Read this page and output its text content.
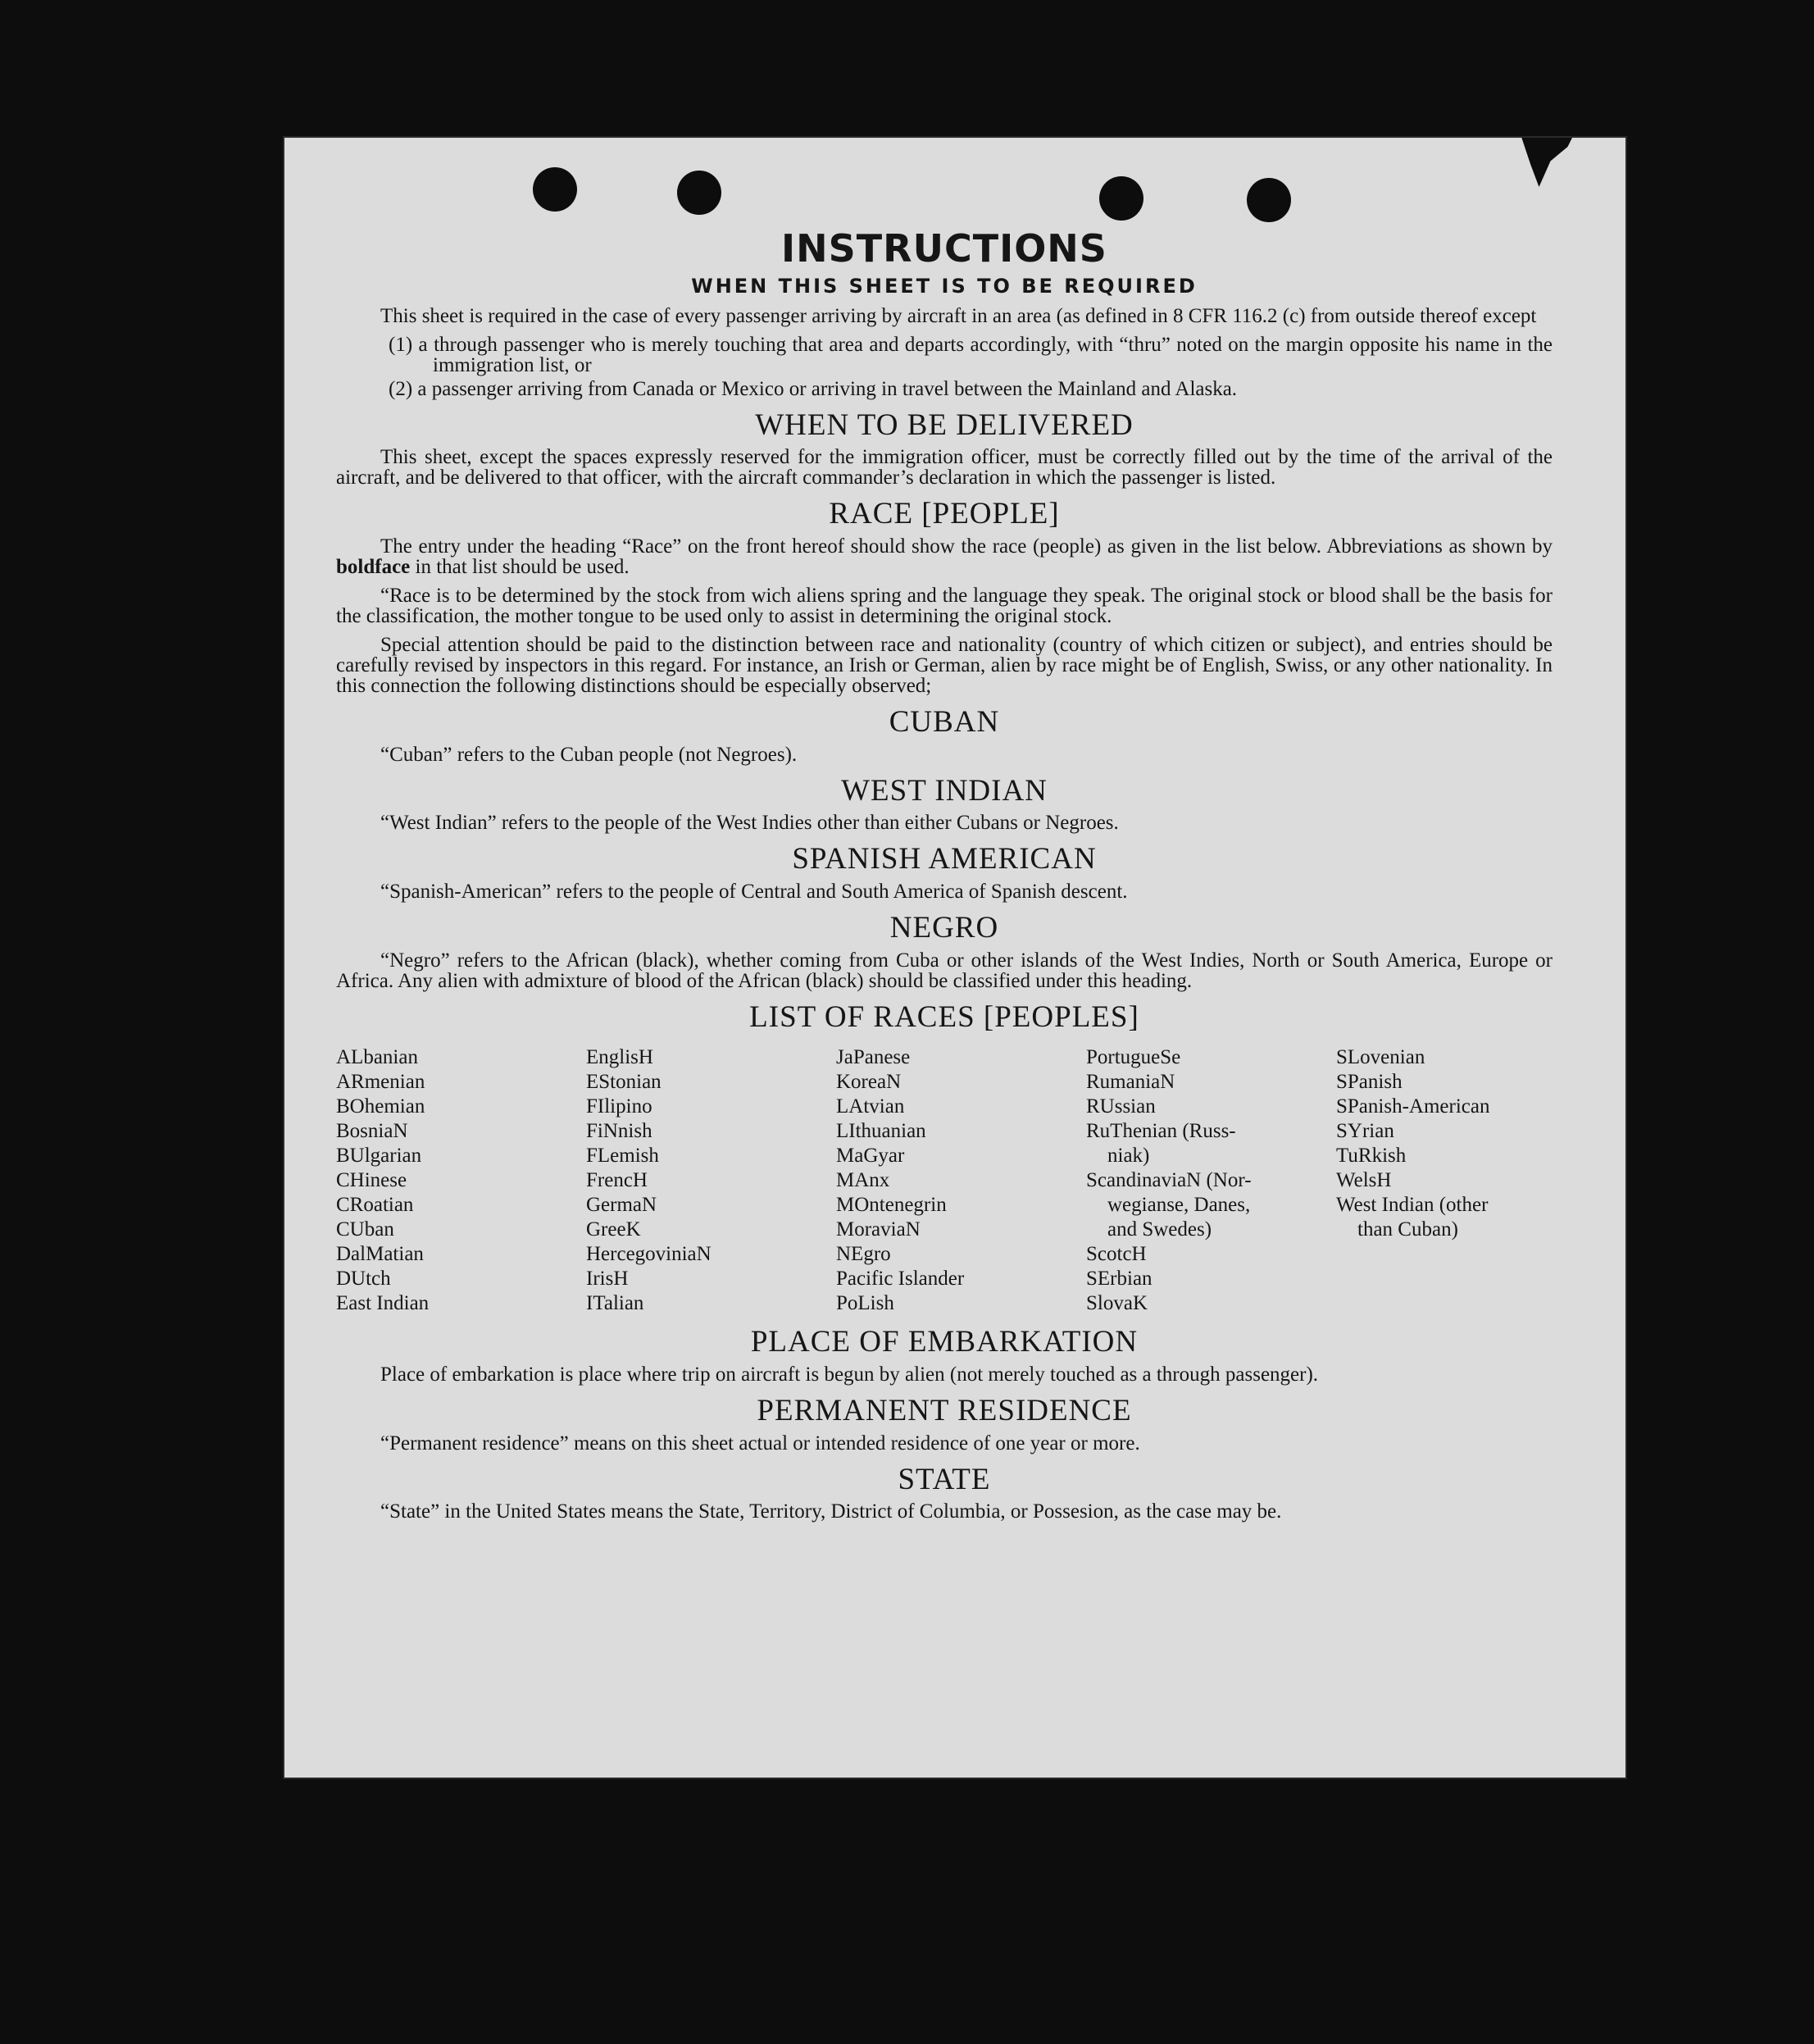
INSTRUCTIONS
WHEN THIS SHEET IS TO BE REQUIRED

This sheet is required in the case of every passenger arriving by aircraft in an area (as defined in 8 CFR 116.2 (c) from outside thereof except

(1) a through passenger who is merely touching that area and departs accordingly, with “thru” noted on the margin opposite his name in the immigration list, or
(2) a passenger arriving from Canada or Mexico or arriving in travel between the Mainland and Alaska.
WHEN TO BE DELIVERED

This sheet, except the spaces expressly reserved for the immigration officer, must be correctly filled out by the time of the arrival of the aircraft, and be delivered to that officer, with the aircraft commander’s declaration in which the passenger is listed.

RACE [PEOPLE]

The entry under the heading “Race” on the front hereof should show the race (people) as given in the list below. Abbreviations as shown by boldface in that list should be used.

“Race is to be determined by the stock from wich aliens spring and the language they speak. The original stock or blood shall be the basis for the classification, the mother tongue to be used only to assist in determining the original stock.

Special attention should be paid to the distinction between race and nationality (country of which citizen or subject), and entries should be carefully revised by inspectors in this regard. For instance, an Irish or German, alien by race might be of English, Swiss, or any other nationality. In this connection the following distinctions should be especially observed;

CUBAN

“Cuban” refers to the Cuban people (not Negroes).

WEST INDIAN

“West Indian” refers to the people of the West Indies other than either Cubans or Negroes.

SPANISH AMERICAN

“Spanish-American” refers to the people of Central and South America of Spanish descent.

NEGRO

“Negro” refers to the African (black), whether coming from Cuba or other islands of the West Indies, North or South America, Europe or Africa. Any alien with admixture of blood of the African (black) should be classified under this heading.

LIST OF RACES [PEOPLES]
ALbanian
ARmenian
BOhemian
BosniaN
BUlgarian
CHinese
CRoatian
CUban
DalMatian
DUtch
East Indian
EnglisH
EStonian
FIlipino
FiNnish
FLemish
FrencH
GermaN
GreeK
HercegoviniaN
IrisH
ITalian
JaPanese
KoreaN
LAtvian
LIthuanian
MaGyar
MAnx
MOntenegrin
MoraviaN
NEgro
Pacific Islander
PoLish
PortugueSe
RumaniaN
RUssian
RuThenian (Russ-
niak)
ScandinaviaN (Nor-
wegianse, Danes,
and Swedes)
ScotcH
SErbian
SlovaK
SLovenian
SPanish
SPanish-American
SYrian
TuRkish
WelsH
West Indian (other
than Cuban)
PLACE OF EMBARKATION

Place of embarkation is place where trip on aircraft is begun by alien (not merely touched as a through passenger).

PERMANENT RESIDENCE

“Permanent residence” means on this sheet actual or intended residence of one year or more.

STATE

“State” in the United States means the State, Territory, District of Columbia, or Possesion, as the case may be.
